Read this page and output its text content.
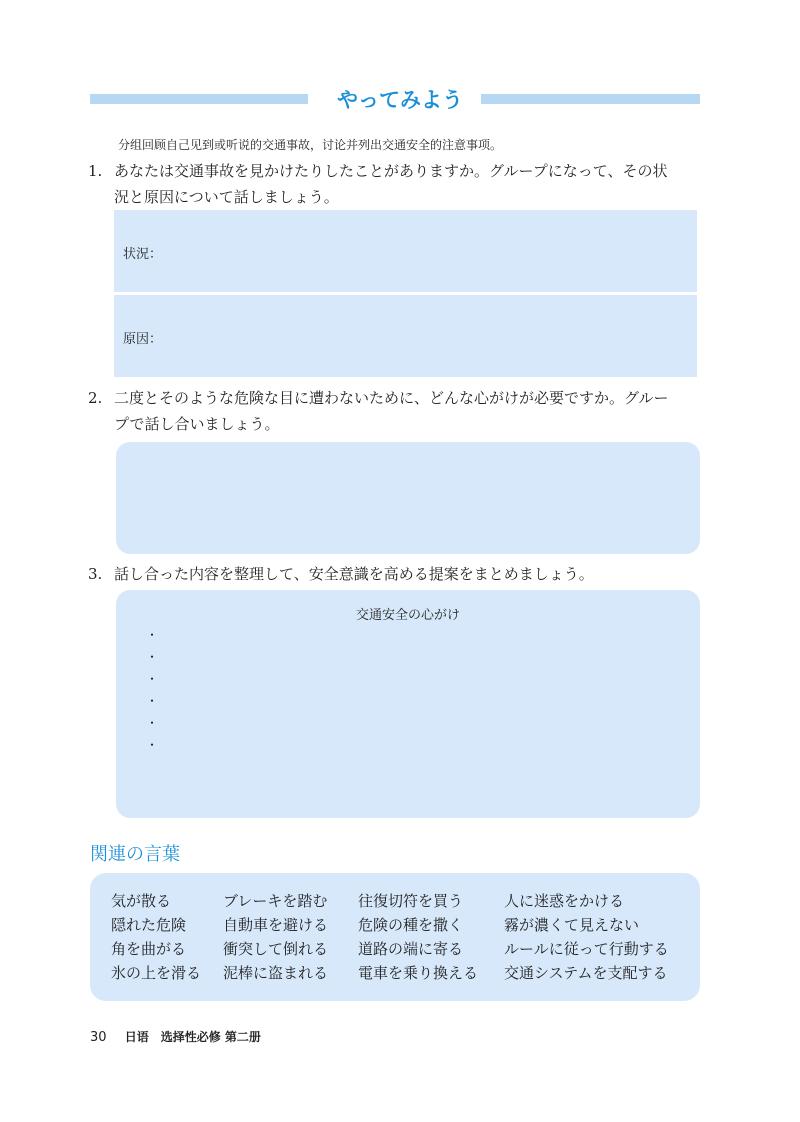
やってみよう
分组回顾自己见到或听说的交通事故，讨论并列出交通安全的注意事项。
1. あなたは交通事故を見かけたりしたことがありますか。グループになって、その状
況と原因について話しましょう。
状況：
原因：
2. 二度とそのような危険な目に遭わないために、どんな心がけが必要ですか。グルー
プで話し合いましょう。
3. 話し合った内容を整理して、安全意識を高める提案をまとめましょう。
交通安全の心がけ
・
・
・
・
・
・
関連の言葉
気が散る
隠れた危険
角を曲がる
氷の上を滑る
ブレーキを踏む
自動車を避ける
衝突して倒れる
泥棒に盗まれる
往復切符を買う
危険の種を撒く
道路の端に寄る
電車を乗り換える
人に迷惑をかける
霧が濃くて見えない
ルールに従って行動する
交通システムを支配する
30 日语　选择性必修 第二册
